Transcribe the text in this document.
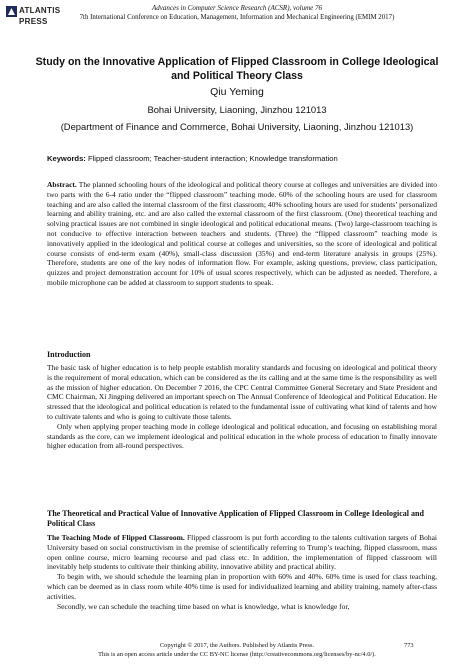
ATLANTIS
PRESS
Advances in Computer Science Research (ACSR), volume 76
7th International Conference on Education, Management, Information and Mechanical Engineering (EMIM 2017)
Study on the Innovative Application of Flipped Classroom in College Ideological and Political Theory Class
Qiu Yeming
Bohai University, Liaoning, Jinzhou 121013
(Department of Finance and Commerce, Bohai University, Liaoning, Jinzhou 121013)
Keywords: Flipped classroom; Teacher-student interaction; Knowledge transformation

Abstract. The planned schooling hours of the ideological and political theory course at colleges and universities are divided into two parts with the 6-4 ratio under the “flipped classroom” teaching mode. 60% of the schooling hours are used for classroom teaching and are also called the internal classroom of the first classroom; 40% schooling hours are used for students’ personalized learning and ability training, etc. and are also called the external classroom of the first classroom. (One) theoretical teaching and solving practical issues are not combined in single ideological and political educational means. (Two) large-classroom teaching is not conducive to effective interaction between teachers and students. (Three) the “flipped classroom” teaching mode is innovatively applied in the ideological and political course at colleges and universities, so the score of ideological and political course consists of end-term exam (40%), small-class discussion (35%) and end-term literature analysis in groups (25%). Therefore, students are one of the key nodes of information flow. For example, asking questions, preview, class participation, quizzes and project demonstration account for 10% of usual scores respectively, which can be adjusted as needed. Therefore, a mobile microphone can be added at classroom to support students to speak.

Introduction

The basic task of higher education is to help people establish morality standards and focusing on ideological and political theory is the requirement of moral education, which can be considered as the its calling and at the same time is the responsibility as well as the mission of higher education. On December 7 2016, the CPC Central Committee General Secretary and State President and CMC Chairman, Xi Jingping delivered an important speech on The Annual Conference of Ideological and Political Education. He stressed that the ideological and political education is related to the fundamental issue of cultivating what kind of talents and how to cultivate talents and who is going to cultivate those talents.

Only when applying proper teaching mode in college ideological and political education, and focusing on establishing moral standards as the core, can we implement ideological and political education in the whole process of education to finally innovate higher education from all-round perspectives.

The Theoretical and Practical Value of Innovative Application of Flipped Classroom in College Ideological and Political Class

The Teaching Mode of Flipped Classroom. Flipped classroom is put forth according to the talents cultivation targets of Bohai University based on social constructivism in the premise of scientifically referring to Trump’s teaching, flipped classroom, mass open online course, micro learning recourse and pad class etc. In addition, the implementation of flipped classroom will inevitably help students to cultivate their thinking ability, innovative ability and practical ability.

To begin with, we should schedule the learning plan in proportion with 60% and 40%. 60% time is used for class teaching, which can be deemed as in class room while 40% time is used for individualized learning and ability training, namely after-class activities.

Secondly, we can schedule the teaching time based on what is knowledge, what is knowledge for,

Copyright © 2017, the Authors. Published by Atlantis Press.
This is an open access article under the CC BY-NC license (http://creativecommons.org/licenses/by-nc/4.0/).
773
